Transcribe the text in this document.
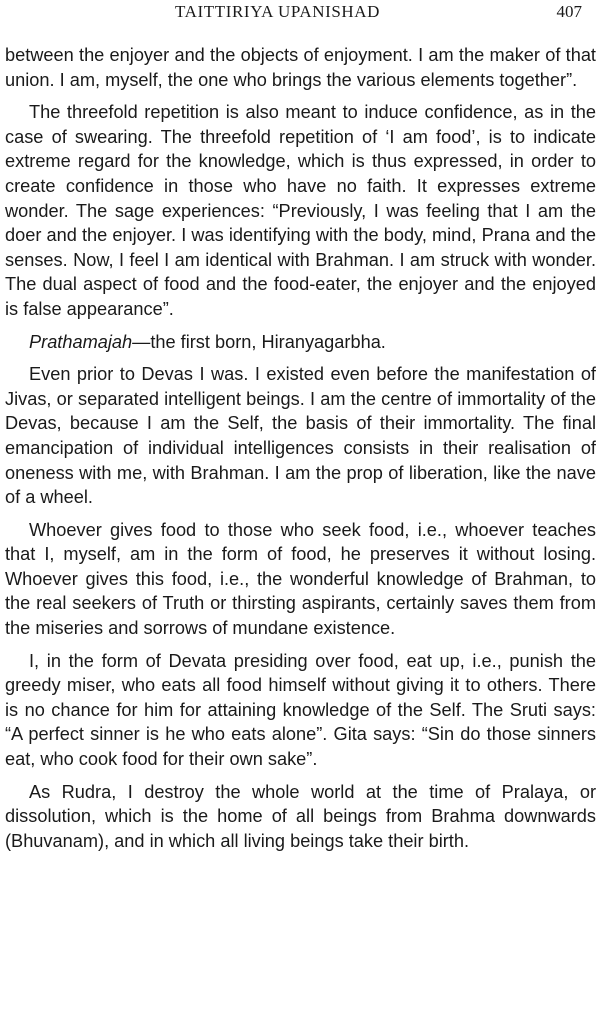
TAITTIRIYA UPANISHAD	407

between the enjoyer and the objects of enjoyment. I am the maker of that union. I am, myself, the one who brings the various elements together”.

The threefold repetition is also meant to induce confidence, as in the case of swearing. The threefold repetition of ‘I am food’, is to indicate extreme regard for the knowledge, which is thus expressed, in order to create confidence in those who have no faith. It expresses extreme wonder. The sage experiences: “Previously, I was feeling that I am the doer and the enjoyer. I was identifying with the body, mind, Prana and the senses. Now, I feel I am identical with Brahman. I am struck with wonder. The dual aspect of food and the food-eater, the enjoyer and the enjoyed is false appearance”.

Prathamajah—the first born, Hiranyagarbha.

Even prior to Devas I was. I existed even before the manifestation of Jivas, or separated intelligent beings. I am the centre of immortality of the Devas, because I am the Self, the basis of their immortality. The final emancipation of individual intelligences consists in their realisation of oneness with me, with Brahman. I am the prop of liberation, like the nave of a wheel.

Whoever gives food to those who seek food, i.e., whoever teaches that I, myself, am in the form of food, he preserves it without losing. Whoever gives this food, i.e., the wonderful knowledge of Brahman, to the real seekers of Truth or thirsting aspirants, certainly saves them from the miseries and sorrows of mundane existence.

I, in the form of Devata presiding over food, eat up, i.e., punish the greedy miser, who eats all food himself without giving it to others. There is no chance for him for attaining knowledge of the Self. The Sruti says: “A perfect sinner is he who eats alone”. Gita says: “Sin do those sinners eat, who cook food for their own sake”.

As Rudra, I destroy the whole world at the time of Pralaya, or dissolution, which is the home of all beings from Brahma downwards (Bhuvanam), and in which all living beings take their birth.
